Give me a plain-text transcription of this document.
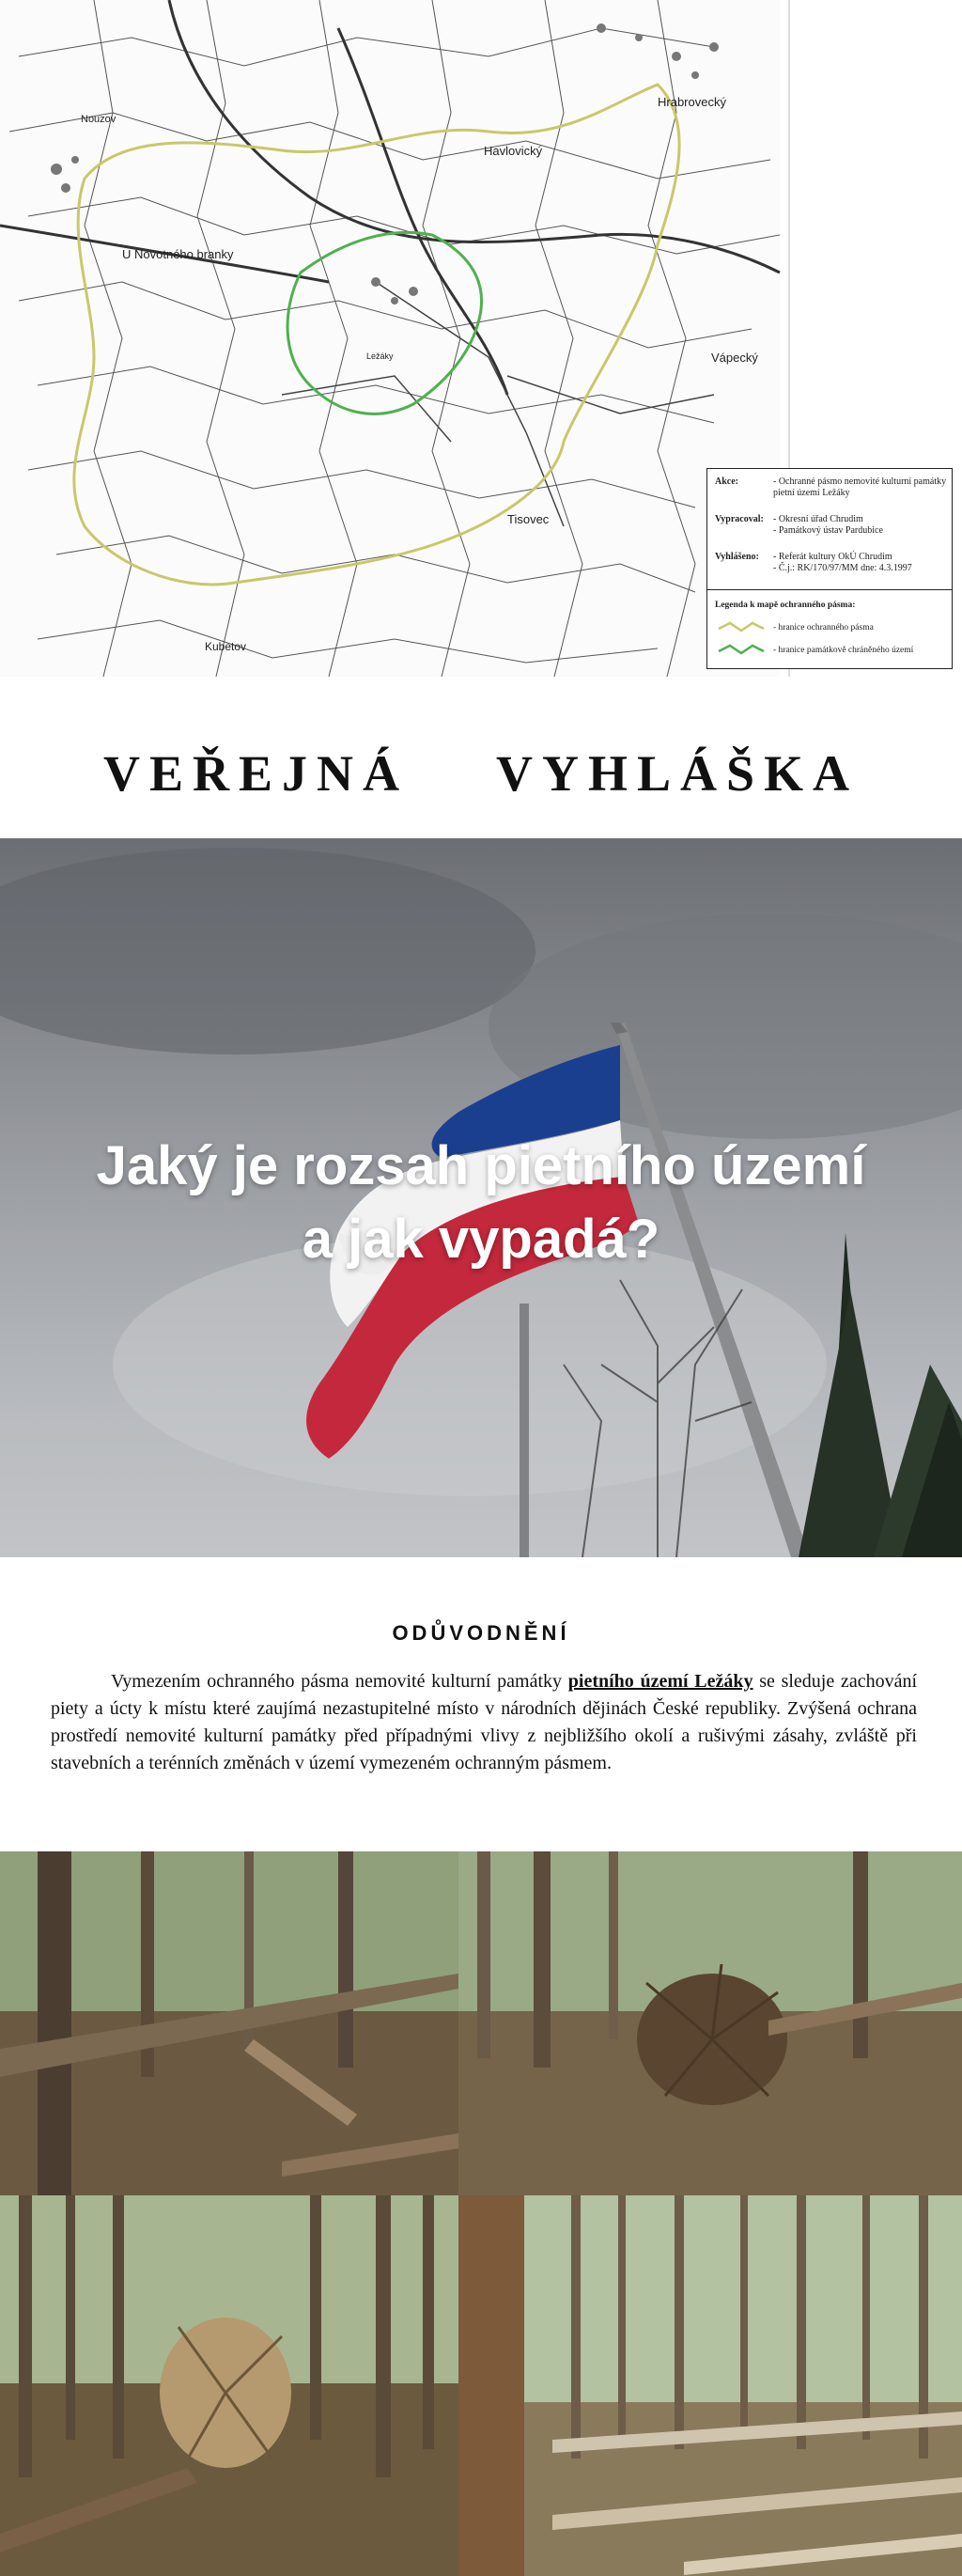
Nouzov
Hrabrovecký
Havlovický
U Novotného branky
Ležáky	Vápecký
Tisovec
Kubetov
Akce:	- Ochranné pásmo nemovité kulturní památky pietní území Ležáky
Vypracoval: - Okresní úřad Chrudim
- Památkový ústav Pardubice
Vyhlášeno: - Referát kultury OkÚ Chrudim
- Č.j.: RK/170/97/MM dne: 4.3.1997
Legenda k mapě ochranného pásma:
- hranice ochranného pásma
- hranice památkově chráněného území
VEŘEJNÁ    VYHLÁŠKA
Jaký je rozsah pietního území
a jak vypadá?
ODŮVODNĚNÍ
Vymezením ochranného pásma nemovité kulturní památky pietního území Ležáky se sleduje zachování piety a úcty k místu které zaujímá nezastupitelné místo v národních dějinách České republiky. Zvýšená ochrana prostředí nemovité kulturní památky před případnými vlivy z nejbližšího okolí a rušivými zásahy, zvláště při stavebních a terénních změnách v území vymezeném ochranným pásmem.
